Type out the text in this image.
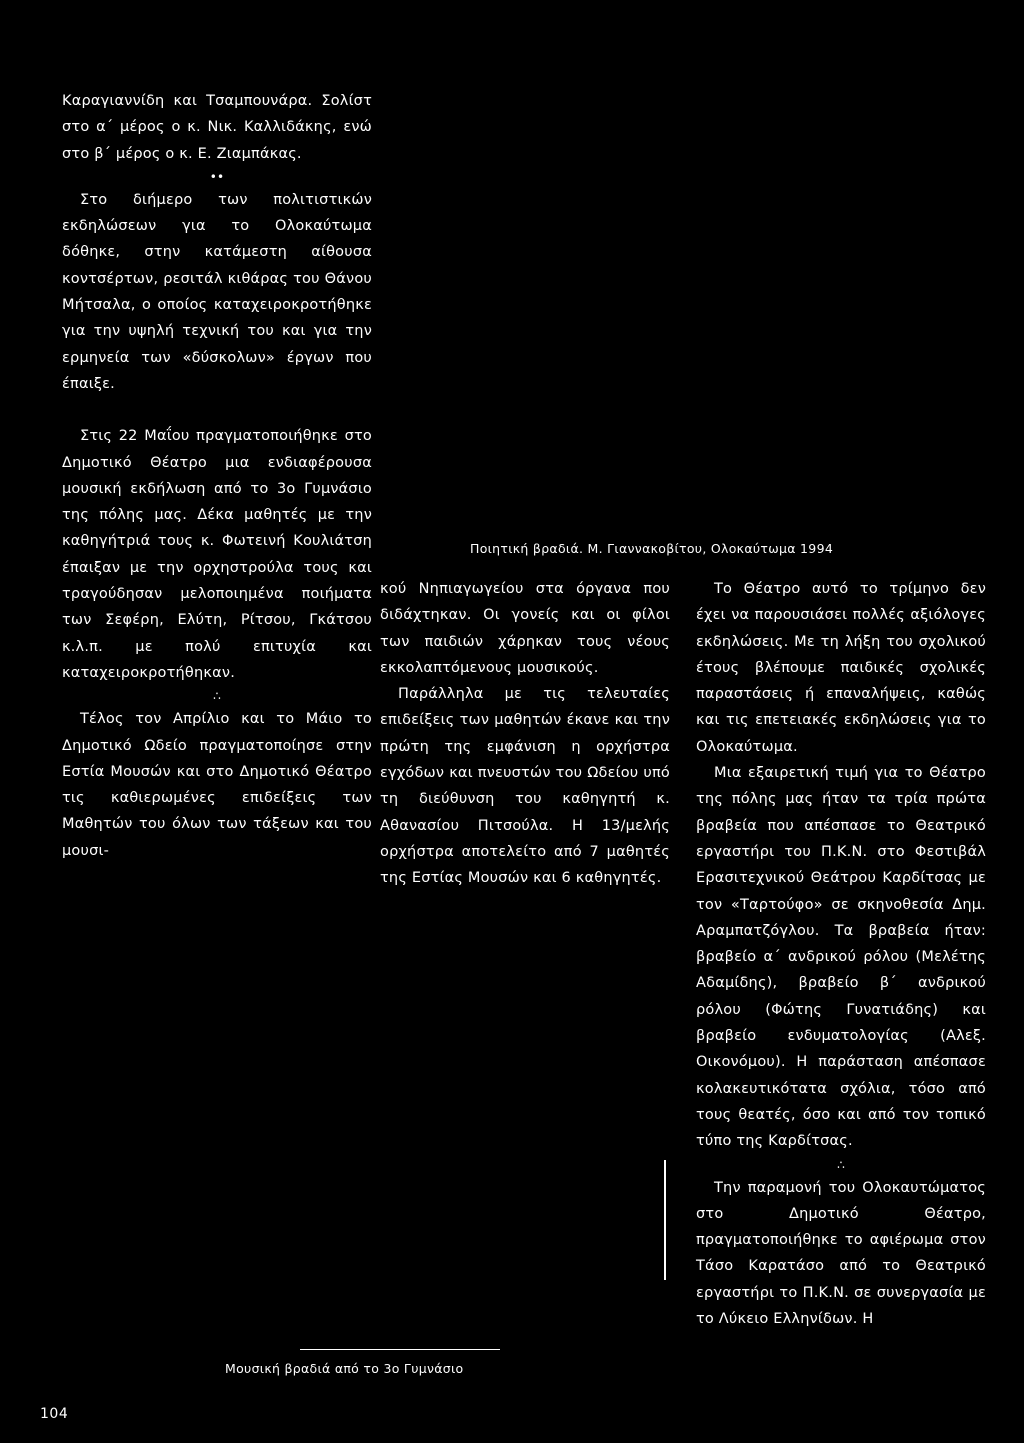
Καραγιαννίδη και Τσαμπουνάρα. Σολίστ στο α΄ μέρος ο κ. Νικ. Καλλιδάκης, ενώ στο β΄ μέρος ο κ. Ε. Ζιαμπάκας.

••

Στο διήμερο των πολιτιστικών εκδηλώσεων για το Ολοκαύτωμα δόθηκε, στην κατάμεστη αίθουσα κοντσέρτων, ρεσιτάλ κιθάρας του Θάνου Μήτσαλα, ο οποίος καταχειροκροτήθηκε για την υψηλή τεχνική του και για την ερμηνεία των «δύσκολων» έργων που έπαιξε.

Στις 22 Μαΐου πραγματοποιήθηκε στο Δημοτικό Θέατρο μια ενδιαφέρουσα μουσική εκδήλωση από το 3ο Γυμνάσιο της πόλης μας. Δέκα μαθητές με την καθηγήτριά τους κ. Φωτεινή Κουλιάτση έπαιξαν με την ορχηστρούλα τους και τραγούδησαν μελοποιημένα ποιήματα των Σεφέρη, Ελύτη, Ρίτσου, Γκάτσου κ.λ.π. με πολύ επιτυχία και καταχειροκροτήθηκαν.

∴

Τέλος τον Απρίλιο και το Μάιο το Δημοτικό Ωδείο πραγματοποίησε στην Εστία Μουσών και στο Δημοτικό Θέατρο τις καθιερωμένες επιδείξεις των Μαθητών του όλων των τάξεων και του μουσι-

Ποιητική βραδιά. Μ. Γιαννακοβίτου, Ολοκαύτωμα 1994

κού Νηπιαγωγείου στα όργανα που διδάχτηκαν. Οι γονείς και οι φίλοι των παιδιών χάρηκαν τους νέους εκκολαπτόμενους μουσικούς.

Παράλληλα με τις τελευταίες επιδείξεις των μαθητών έκανε και την πρώτη της εμφάνιση η ορχήστρα εγχόδων και πνευστών του Ωδείου υπό τη διεύθυνση του καθηγητή κ. Αθανασίου Πιτσούλα. Η 13/μελής ορχήστρα αποτελείτο από 7 μαθητές της Εστίας Μουσών και 6 καθηγητές.

Το Θέατρο αυτό το τρίμηνο δεν έχει να παρουσιάσει πολλές αξιόλογες εκδηλώσεις. Με τη λήξη του σχολικού έτους βλέπουμε παιδικές σχολικές παραστάσεις ή επαναλήψεις, καθώς και τις επετειακές εκδηλώσεις για το Ολοκαύτωμα.

Μια εξαιρετική τιμή για το Θέατρο της πόλης μας ήταν τα τρία πρώτα βραβεία που απέσπασε το Θεατρικό εργαστήρι του Π.Κ.Ν. στο Φεστιβάλ Ερασιτεχνικού Θεάτρου Καρδίτσας με τον «Ταρτούφο» σε σκηνοθεσία Δημ. Αραμπατζόγλου. Τα βραβεία ήταν: βραβείο α΄ ανδρικού ρόλου (Μελέτης Αδαμίδης), βραβείο β΄ ανδρικού ρόλου (Φώτης Γυνατιάδης) και βραβείο ενδυματολογίας (Αλεξ. Οικονόμου). Η παράσταση απέσπασε κολακευτικότατα σχόλια, τόσο από τους θεατές, όσο και από τον τοπικό τύπο της Καρδίτσας.

∴

Την παραμονή του Ολοκαυτώματος στο Δημοτικό Θέατρο, πραγματοποιήθηκε το αφιέρωμα στον Τάσο Καρατάσο από το Θεατρικό εργαστήρι το Π.Κ.Ν. σε συνεργασία με το Λύκειο Ελληνίδων. Η

Μουσική βραδιά από το 3ο Γυμνάσιο
104
